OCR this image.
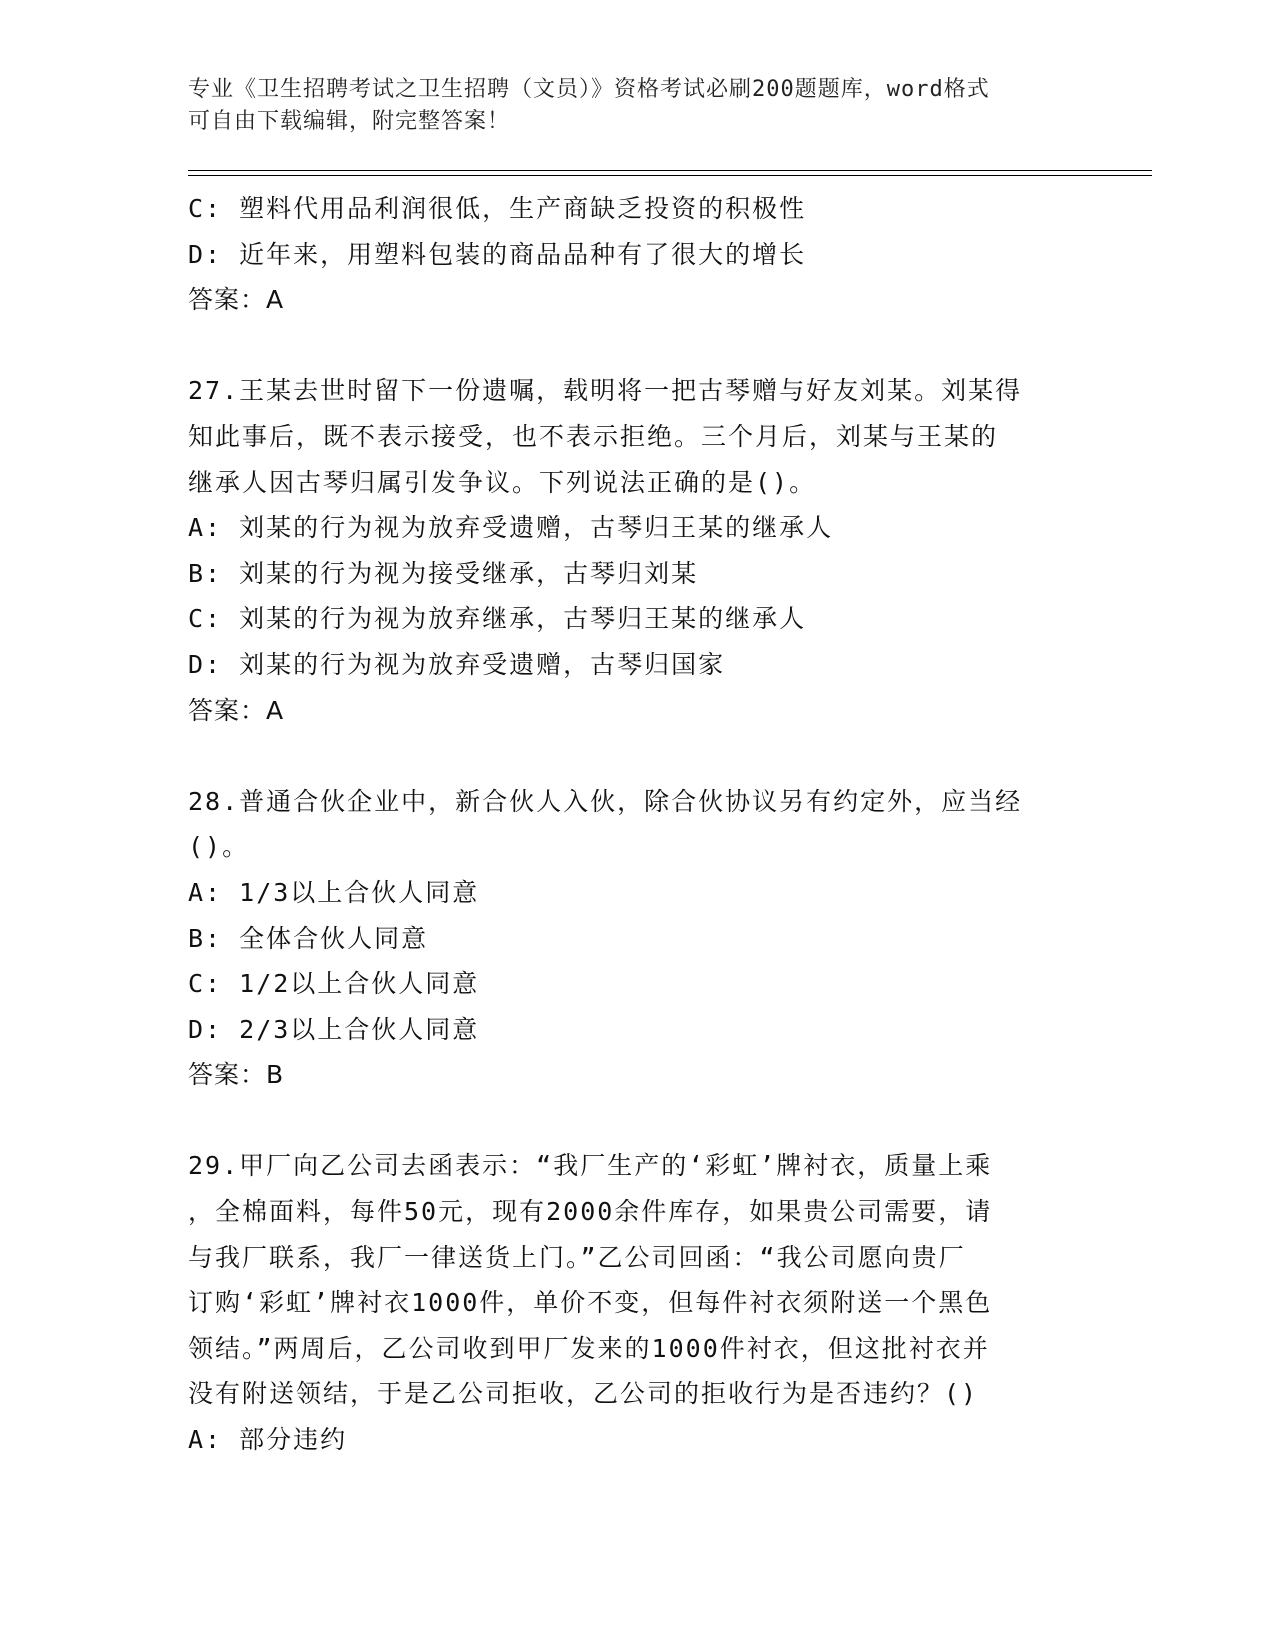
专业《卫生招聘考试之卫生招聘（文员）》资格考试必刷200题题库，word格式
可自由下载编辑，附完整答案！
C: 塑料代用品利润很低，生产商缺乏投资的积极性
D: 近年来，用塑料包装的商品品种有了很大的增长
答案：A
27.王某去世时留下一份遗嘱，载明将一把古琴赠与好友刘某。刘某得
知此事后，既不表示接受，也不表示拒绝。三个月后，刘某与王某的
继承人因古琴归属引发争议。下列说法正确的是()。
A: 刘某的行为视为放弃受遗赠，古琴归王某的继承人
B: 刘某的行为视为接受继承，古琴归刘某
C: 刘某的行为视为放弃继承，古琴归王某的继承人
D: 刘某的行为视为放弃受遗赠，古琴归国家
答案：A
28.普通合伙企业中，新合伙人入伙，除合伙协议另有约定外，应当经
()。
A: 1/3以上合伙人同意
B: 全体合伙人同意
C: 1/2以上合伙人同意
D: 2/3以上合伙人同意
答案：B
29.甲厂向乙公司去函表示：“我厂生产的‘彩虹’牌衬衣，质量上乘
，全棉面料，每件50元，现有2000余件库存，如果贵公司需要，请
与我厂联系，我厂一律送货上门。”乙公司回函：“我公司愿向贵厂
订购‘彩虹’牌衬衣1000件，单价不变，但每件衬衣须附送一个黑色
领结。”两周后，乙公司收到甲厂发来的1000件衬衣，但这批衬衣并
没有附送领结，于是乙公司拒收，乙公司的拒收行为是否违约？()
A: 部分违约
